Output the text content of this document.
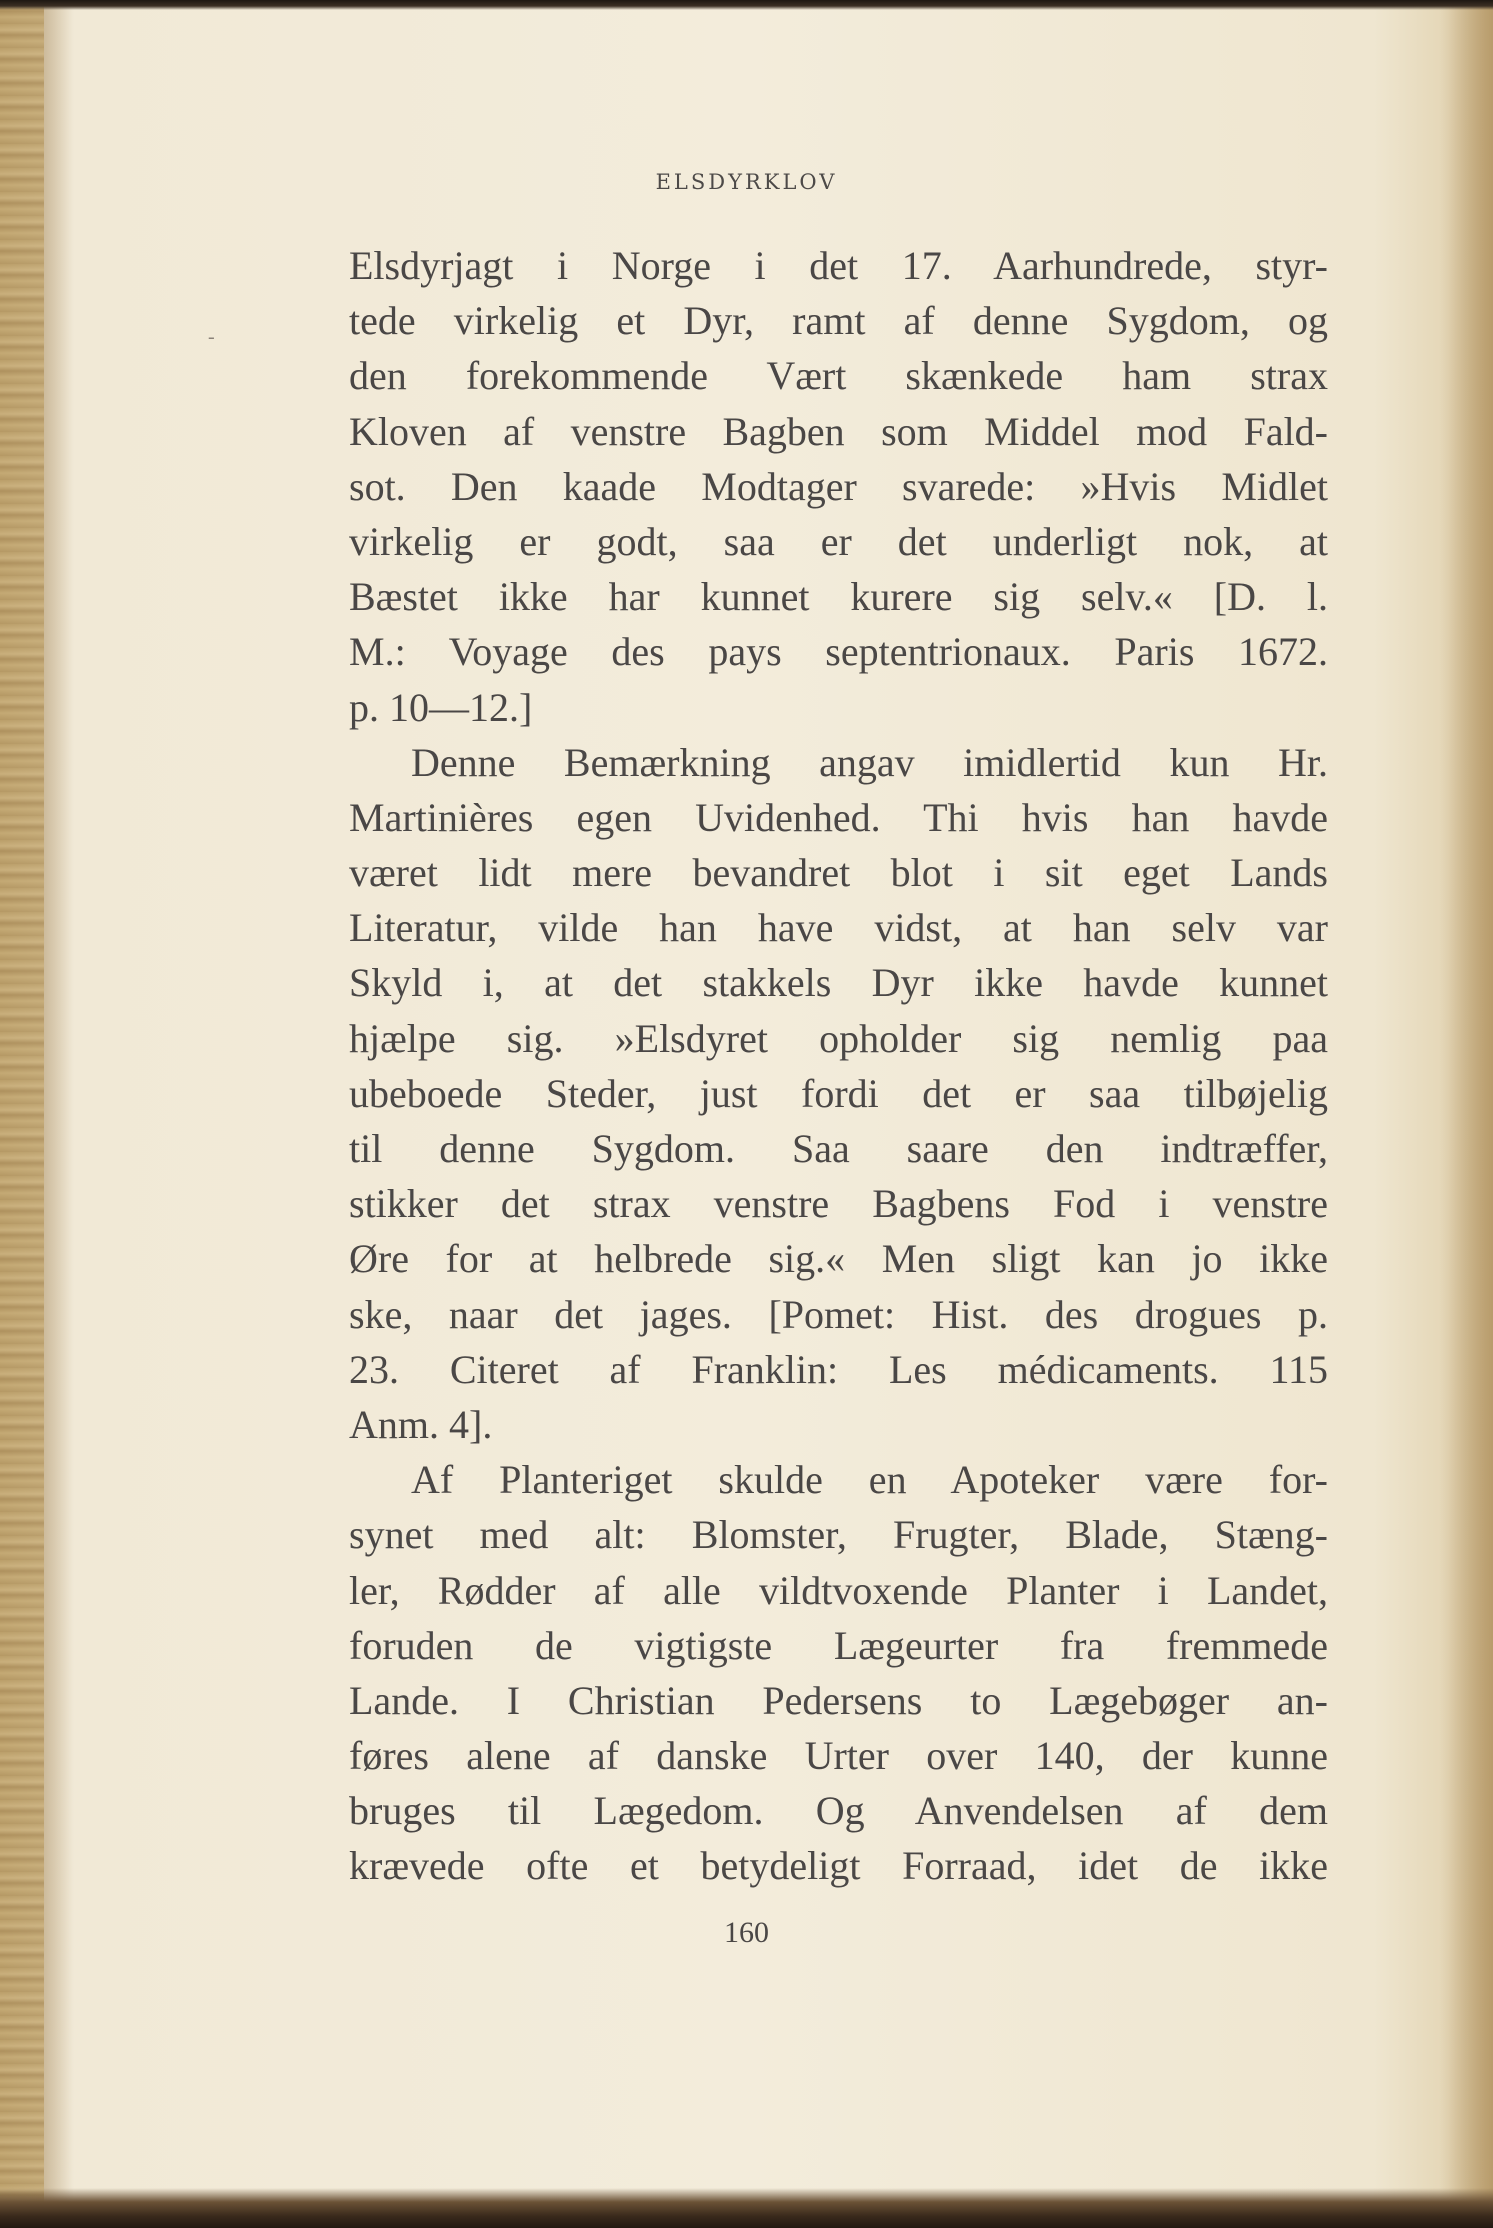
ELSDYRKLOV
-
Elsdyrjagt i Norge i det 17. Aarhundrede, styr-
tede virkelig et Dyr, ramt af denne Sygdom, og
den forekommende Vært skænkede ham strax
Kloven af venstre Bagben som Middel mod Fald-
sot. Den kaade Modtager svarede: »Hvis Midlet
virkelig er godt, saa er det underligt nok, at
Bæstet ikke har kunnet kurere sig selv.« [D. l.
M.: Voyage des pays septentrionaux. Paris 1672.
p. 10—12.]
Denne Bemærkning angav imidlertid kun Hr.
Martinières egen Uvidenhed. Thi hvis han havde
været lidt mere bevandret blot i sit eget Lands
Literatur, vilde han have vidst, at han selv var
Skyld i, at det stakkels Dyr ikke havde kunnet
hjælpe sig. »Elsdyret opholder sig nemlig paa
ubeboede Steder, just fordi det er saa tilbøjelig
til denne Sygdom. Saa saare den indtræffer,
stikker det strax venstre Bagbens Fod i venstre
Øre for at helbrede sig.« Men sligt kan jo ikke
ske, naar det jages. [Pomet: Hist. des drogues p.
23. Citeret af Franklin: Les médicaments. 115
Anm. 4].
Af Planteriget skulde en Apoteker være for-
synet med alt: Blomster, Frugter, Blade, Stæng-
ler, Rødder af alle vildtvoxende Planter i Landet,
foruden de vigtigste Lægeurter fra fremmede
Lande. I Christian Pedersens to Lægebøger an-
føres alene af danske Urter over 140, der kunne
bruges til Lægedom. Og Anvendelsen af dem
krævede ofte et betydeligt Forraad, idet de ikke
160
